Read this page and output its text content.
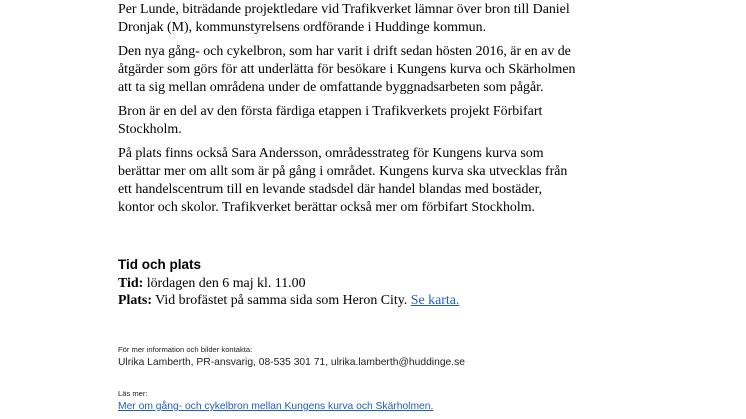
Per Lunde, biträdande projektledare vid Trafikverket lämnar över bron till Daniel
Dronjak (M), kommunstyrelsens ordförande i Huddinge kommun.
Den nya gång- och cykelbron, som har varit i drift sedan hösten 2016, är en av de
åtgärder som görs för att underlätta för besökare i Kungens kurva och Skärholmen
att ta sig mellan områdena under de omfattande byggnadsarbeten som pågår.
Bron är en del av den första färdiga etappen i Trafikverkets projekt Förbifart
Stockholm.
På plats finns också Sara Andersson, områdesstrateg för Kungens kurva som
berättar mer om allt som är på gång i området. Kungens kurva ska utvecklas från
ett handelscentrum till en levande stadsdel där handel blandas med bostäder,
kontor och skolor. Trafikverket berättar också mer om förbifart Stockholm.
Tid och plats
Tid: lördagen den 6 maj kl. 11.00
Plats: Vid brofästet på samma sida som Heron City. Se karta.
För mer information och bilder kontakta:
Ulrika Lamberth, PR-ansvarig, 08-535 301 71, ulrika.lamberth@huddinge.se
Läs mer:
Mer om gång- och cykelbron mellan Kungens kurva och Skärholmen.
